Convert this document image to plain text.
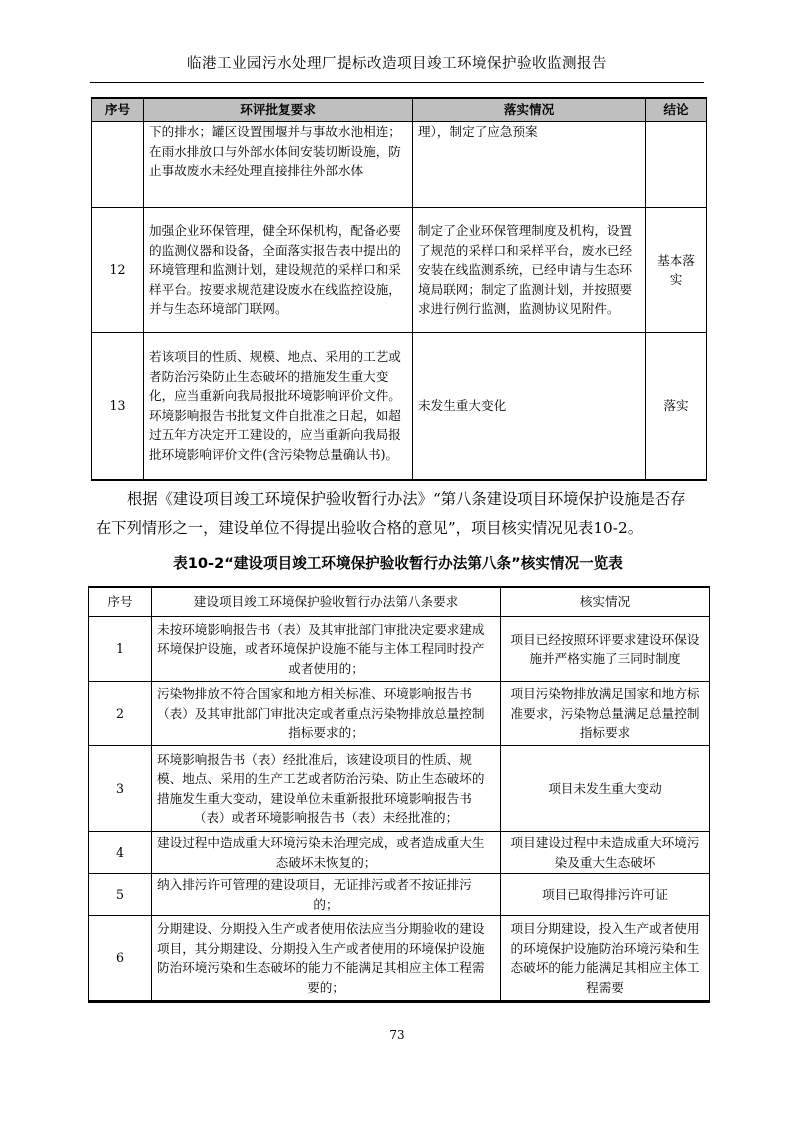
临港工业园污水处理厂提标改造项目竣工环境保护验收监测报告
序号	环评批复要求	落实情况	结论
	下的排水；罐区设置围堰并与事故水池相连；在雨水排放口与外部水体间安装切断设施，防止事故废水未经处理直接排往外部水体	理），制定了应急预案	
12	加强企业环保管理，健全环保机构，配备必要的监测仪器和设备，全面落实报告表中提出的环境管理和监测计划，建设规范的采样口和采样平台。按要求规范建设废水在线监控设施，并与生态环境部门联网。	制定了企业环保管理制度及机构，设置了规范的采样口和采样平台，废水已经安装在线监测系统，已经申请与生态环境局联网；制定了监测计划，并按照要求进行例行监测，监测协议见附件。	基本落实
13	若该项目的性质、规模、地点、采用的工艺或者防治污染防止生态破坏的措施发生重大变化，应当重新向我局报批环境影响评价文件。环境影响报告书批复文件自批准之日起，如超过五年方决定开工建设的，应当重新向我局报批环境影响评价文件(含污染物总量确认书)。	未发生重大变化	落实
根据《建设项目竣工环境保护验收暂行办法》“第八条建设项目环境保护设施是否存在下列情形之一，建设单位不得提出验收合格的意见”，项目核实情况见表10-2。
表10-2“建设项目竣工环境保护验收暂行办法第八条”核实情况一览表
序号	建设项目竣工环境保护验收暂行办法第八条要求	核实情况
1	未按环境影响报告书（表）及其审批部门审批决定要求建成环境保护设施，或者环境保护设施不能与主体工程同时投产或者使用的；	项目已经按照环评要求建设环保设施并严格实施了三同时制度
2	污染物排放不符合国家和地方相关标准、环境影响报告书（表）及其审批部门审批决定或者重点污染物排放总量控制指标要求的；	项目污染物排放满足国家和地方标准要求，污染物总量满足总量控制指标要求
3	环境影响报告书（表）经批准后，该建设项目的性质、规模、地点、采用的生产工艺或者防治污染、防止生态破坏的措施发生重大变动，建设单位未重新报批环境影响报告书（表）或者环境影响报告书（表）未经批准的；	项目未发生重大变动
4	建设过程中造成重大环境污染未治理完成，或者造成重大生态破坏未恢复的；	项目建设过程中未造成重大环境污染及重大生态破坏
5	纳入排污许可管理的建设项目，无证排污或者不按证排污的；	项目已取得排污许可证
6	分期建设、分期投入生产或者使用依法应当分期验收的建设项目，其分期建设、分期投入生产或者使用的环境保护设施防治环境污染和生态破坏的能力不能满足其相应主体工程需要的；	项目分期建设，投入生产或者使用的环境保护设施防治环境污染和生态破坏的能力能满足其相应主体工程需要
73
